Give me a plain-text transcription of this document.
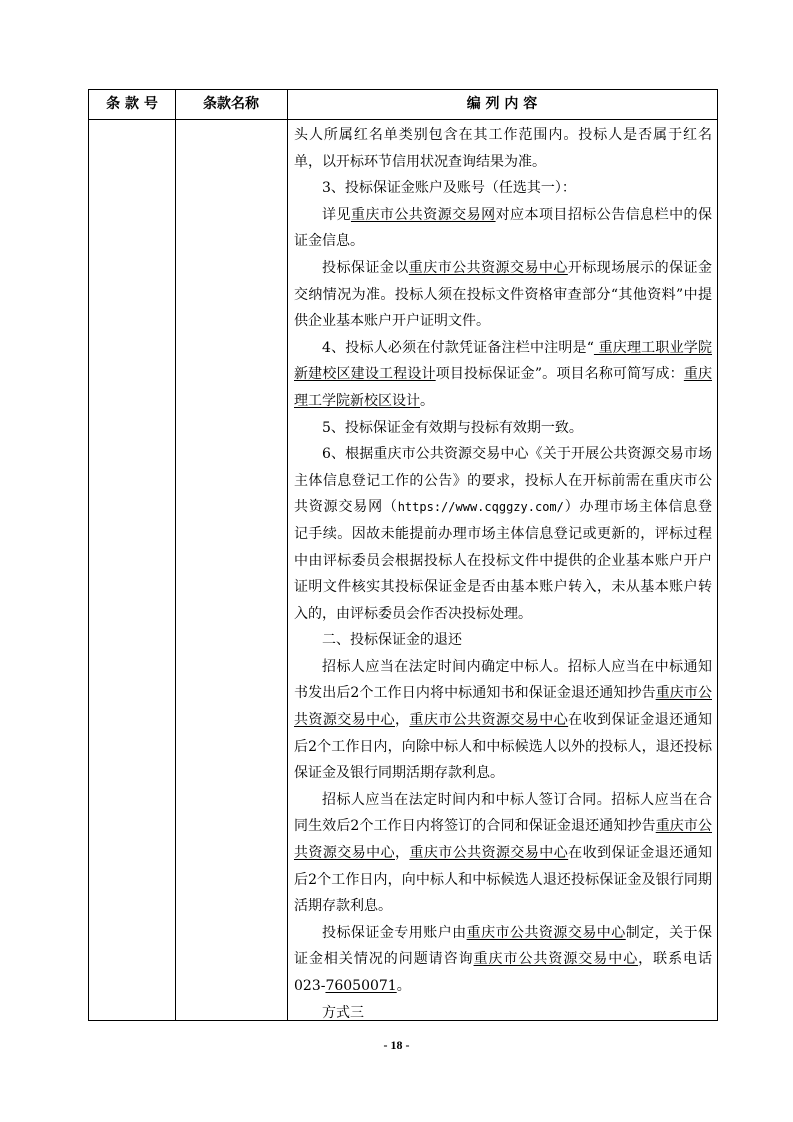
条 款 号	条款名称	编 列 内 容

头人所属红名单类别包含在其工作范围内。投标人是否属于红名单，以开标环节信用状况查询结果为准。

3、投标保证金账户及账号（任选其一）：

详见重庆市公共资源交易网对应本项目招标公告信息栏中的保证金信息。

投标保证金以重庆市公共资源交易中心开标现场展示的保证金交纳情况为准。投标人须在投标文件资格审查部分“其他资料”中提供企业基本账户开户证明文件。

4、投标人必须在付款凭证备注栏中注明是“ 重庆理工职业学院新建校区建设工程设计项目投标保证金”。项目名称可简写成：重庆理工学院新校区设计。

5、投标保证金有效期与投标有效期一致。

6、根据重庆市公共资源交易中心《关于开展公共资源交易市场主体信息登记工作的公告》的要求，投标人在开标前需在重庆市公共资源交易网（https://www.cqggzy.com/）办理市场主体信息登记手续。因故未能提前办理市场主体信息登记或更新的，评标过程中由评标委员会根据投标人在投标文件中提供的企业基本账户开户证明文件核实其投标保证金是否由基本账户转入，未从基本账户转入的，由评标委员会作否决投标处理。

二、投标保证金的退还

招标人应当在法定时间内确定中标人。招标人应当在中标通知书发出后2个工作日内将中标通知书和保证金退还通知抄告重庆市公共资源交易中心，重庆市公共资源交易中心在收到保证金退还通知后2个工作日内，向除中标人和中标候选人以外的投标人，退还投标保证金及银行同期活期存款利息。

招标人应当在法定时间内和中标人签订合同。招标人应当在合同生效后2个工作日内将签订的合同和保证金退还通知抄告重庆市公共资源交易中心，重庆市公共资源交易中心在收到保证金退还通知后2个工作日内，向中标人和中标候选人退还投标保证金及银行同期活期存款利息。

投标保证金专用账户由重庆市公共资源交易中心制定，关于保证金相关情况的问题请咨询重庆市公共资源交易中心，联系电话023-76050071。

方式三

- 18 -
